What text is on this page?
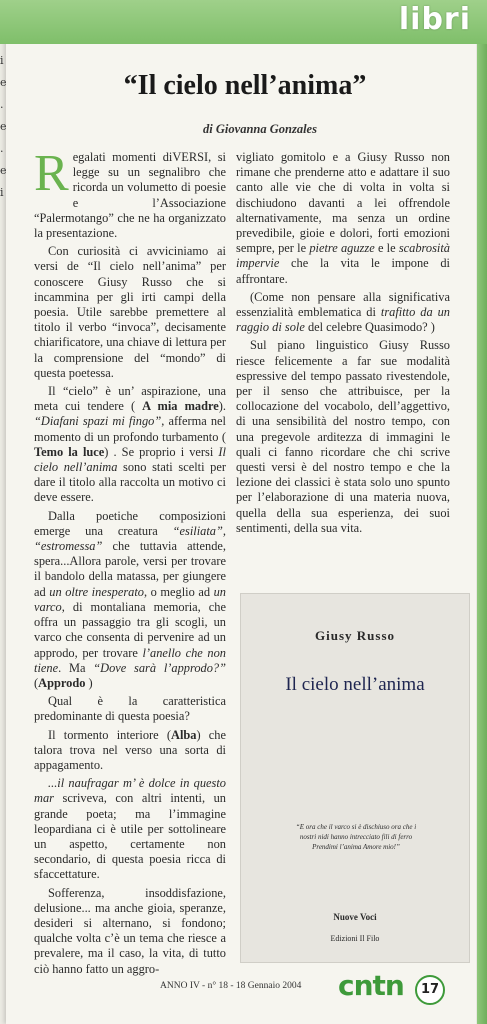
libri
i
e
.
e
.
e
i
“Il cielo nell’anima”
di Giovanna Gonzales

Regalati momenti diVERSI, si legge su un segnalibro che ricorda un volumetto di poesie e l’Associazione “Palermotango” che ne ha organizzato la presentazione.

Con curiosità ci avviciniamo ai versi de “Il cielo nell’anima” per conoscere Giusy Russo che si incammina per gli irti campi della poesia. Utile sarebbe premettere al titolo il verbo “invoca”, decisamente chiarificatore, una chiave di lettura per la comprensione del “mondo” di questa poetessa.

Il “cielo” è un’ aspirazione, una meta cui tendere ( A mia madre). “Diafani spazi mi fingo”, afferma nel momento di un profondo turbamento ( Temo la luce) . Se proprio i versi Il cielo nell’anima sono stati scelti per dare il titolo alla raccolta un motivo ci deve essere.

Dalla poetiche composizioni emerge una creatura “esiliata”, “estromessa” che tuttavia attende, spera...Allora parole, versi per trovare il bandolo della matassa, per giungere ad un oltre inesperato, o meglio ad un varco, di montaliana memoria, che offra un passaggio tra gli scogli, un varco che consenta di pervenire ad un approdo, per trovare l’anello che non tiene. Ma “Dove sarà l’approdo?” (Approdo )

Qual è la caratteristica predominante di questa poesia?

Il tormento interiore (Alba) che talora trova nel verso una sorta di appagamento.

...il naufragar m’ è dolce in questo mar scriveva, con altri intenti, un grande poeta; ma l’immagine leopardiana ci è utile per sottolineare un aspetto, certamente non secondario, di questa poesia ricca di sfaccettature.

Sofferenza, insoddisfazione, delusione... ma anche gioia, speranze, desideri si alternano, si fondono; qualche volta c’è un tema che riesce a prevalere, ma il caso, la vita, di tutto ciò hanno fatto un aggro-

vigliato gomitolo e a Giusy Russo non rimane che prenderne atto e adattare il suo canto alle vie che di volta in volta si dischiudono davanti a lei offrendole alternativamente, ma senza un ordine prevedibile, gioie e dolori, forti emozioni sempre, per le pietre aguzze e le scabrosità impervie che la vita le impone di affrontare.

(Come non pensare alla significativa essenzialità emblematica di trafitto da un raggio di sole del celebre Quasimodo? )

Sul piano linguistico Giusy Russo riesce felicemente a far sue modalità espressive del tempo passato rivestendole, per il senso che attribuisce, per la collocazione del vocabolo, dell’aggettivo, di una sensibilità del nostro tempo, con una pregevole arditezza di immagini le quali ci fanno ricordare che chi scrive questi versi è del nostro tempo e che la lezione dei classici è stata solo uno spunto per l’elaborazione di una materia nuova, quella della sua esperienza, dei suoi sentimenti, della sua vita.

Giusy Russo
Il cielo nell’anima
“E ora che il varco si è dischiuso ora che i nostri nidi hanno intrecciato fili di ferro Prendimi l’anima Amore mio!”
Nuove Voci
Edizioni Il Filo
ANNO IV - n° 18 - 18 Gennaio 2004 cntn	17
